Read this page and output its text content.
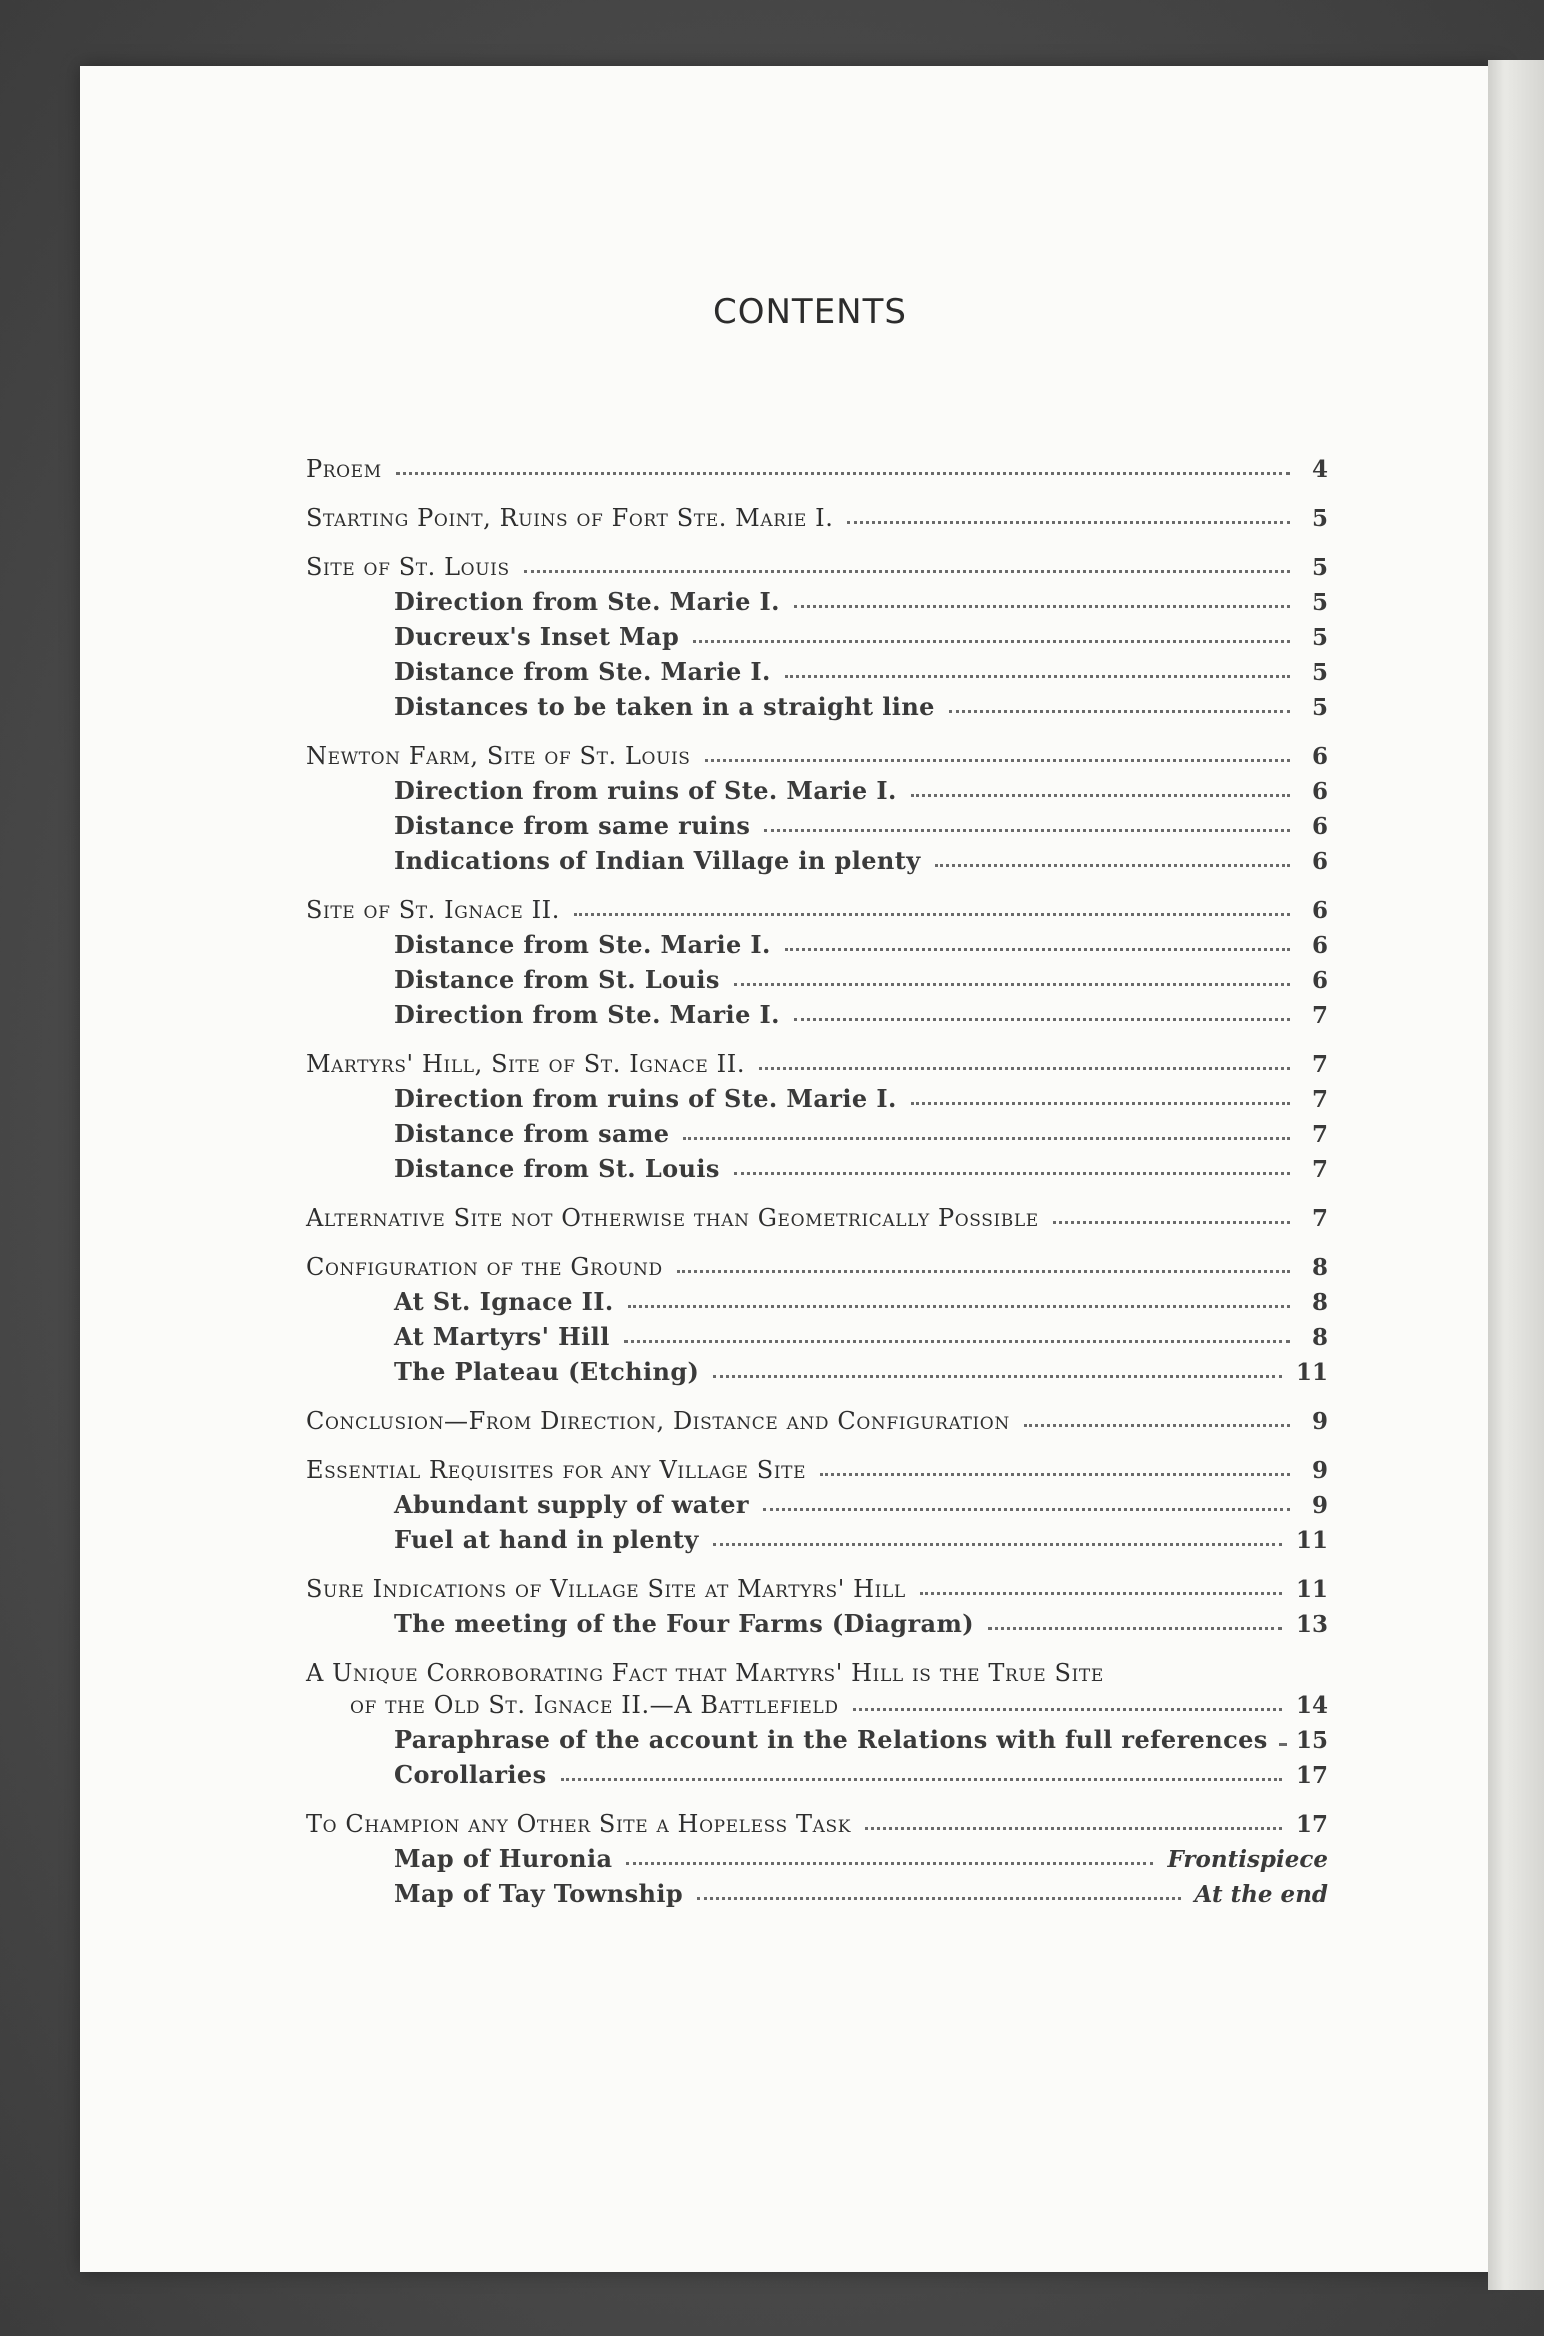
CONTENTS
Proem	4
Starting Point, Ruins of Fort Ste. Marie I.	5
Site of St. Louis	5
Direction from Ste. Marie I.	5
Ducreux's Inset Map	5
Distance from Ste. Marie I.	5
Distances to be taken in a straight line	5
Newton Farm, Site of St. Louis	6
Direction from ruins of Ste. Marie I.	6
Distance from same ruins	6
Indications of Indian Village in plenty	6
Site of St. Ignace II.	6
Distance from Ste. Marie I.	6
Distance from St. Louis	6
Direction from Ste. Marie I.	7
Martyrs' Hill, Site of St. Ignace II.	7
Direction from ruins of Ste. Marie I.	7
Distance from same	7
Distance from St. Louis	7
Alternative Site not Otherwise than Geometrically Possible	7
Configuration of the Ground	8
At St. Ignace II.	8
At Martyrs' Hill	8
The Plateau (Etching)	11
Conclusion—From Direction, Distance and Configuration	9
Essential Requisites for any Village Site	9
Abundant supply of water	9
Fuel at hand in plenty	11
Sure Indications of Village Site at Martyrs' Hill	11
The meeting of the Four Farms (Diagram)	13
A Unique Corroborating Fact that Martyrs' Hill is the True Site
of the Old St. Ignace II.—A Battlefield	14
Paraphrase of the account in the Relations with full references 15
Corollaries	17
To Champion any Other Site a Hopeless Task	17
Map of Huronia	Frontispiece
Map of Tay Township	At the end
